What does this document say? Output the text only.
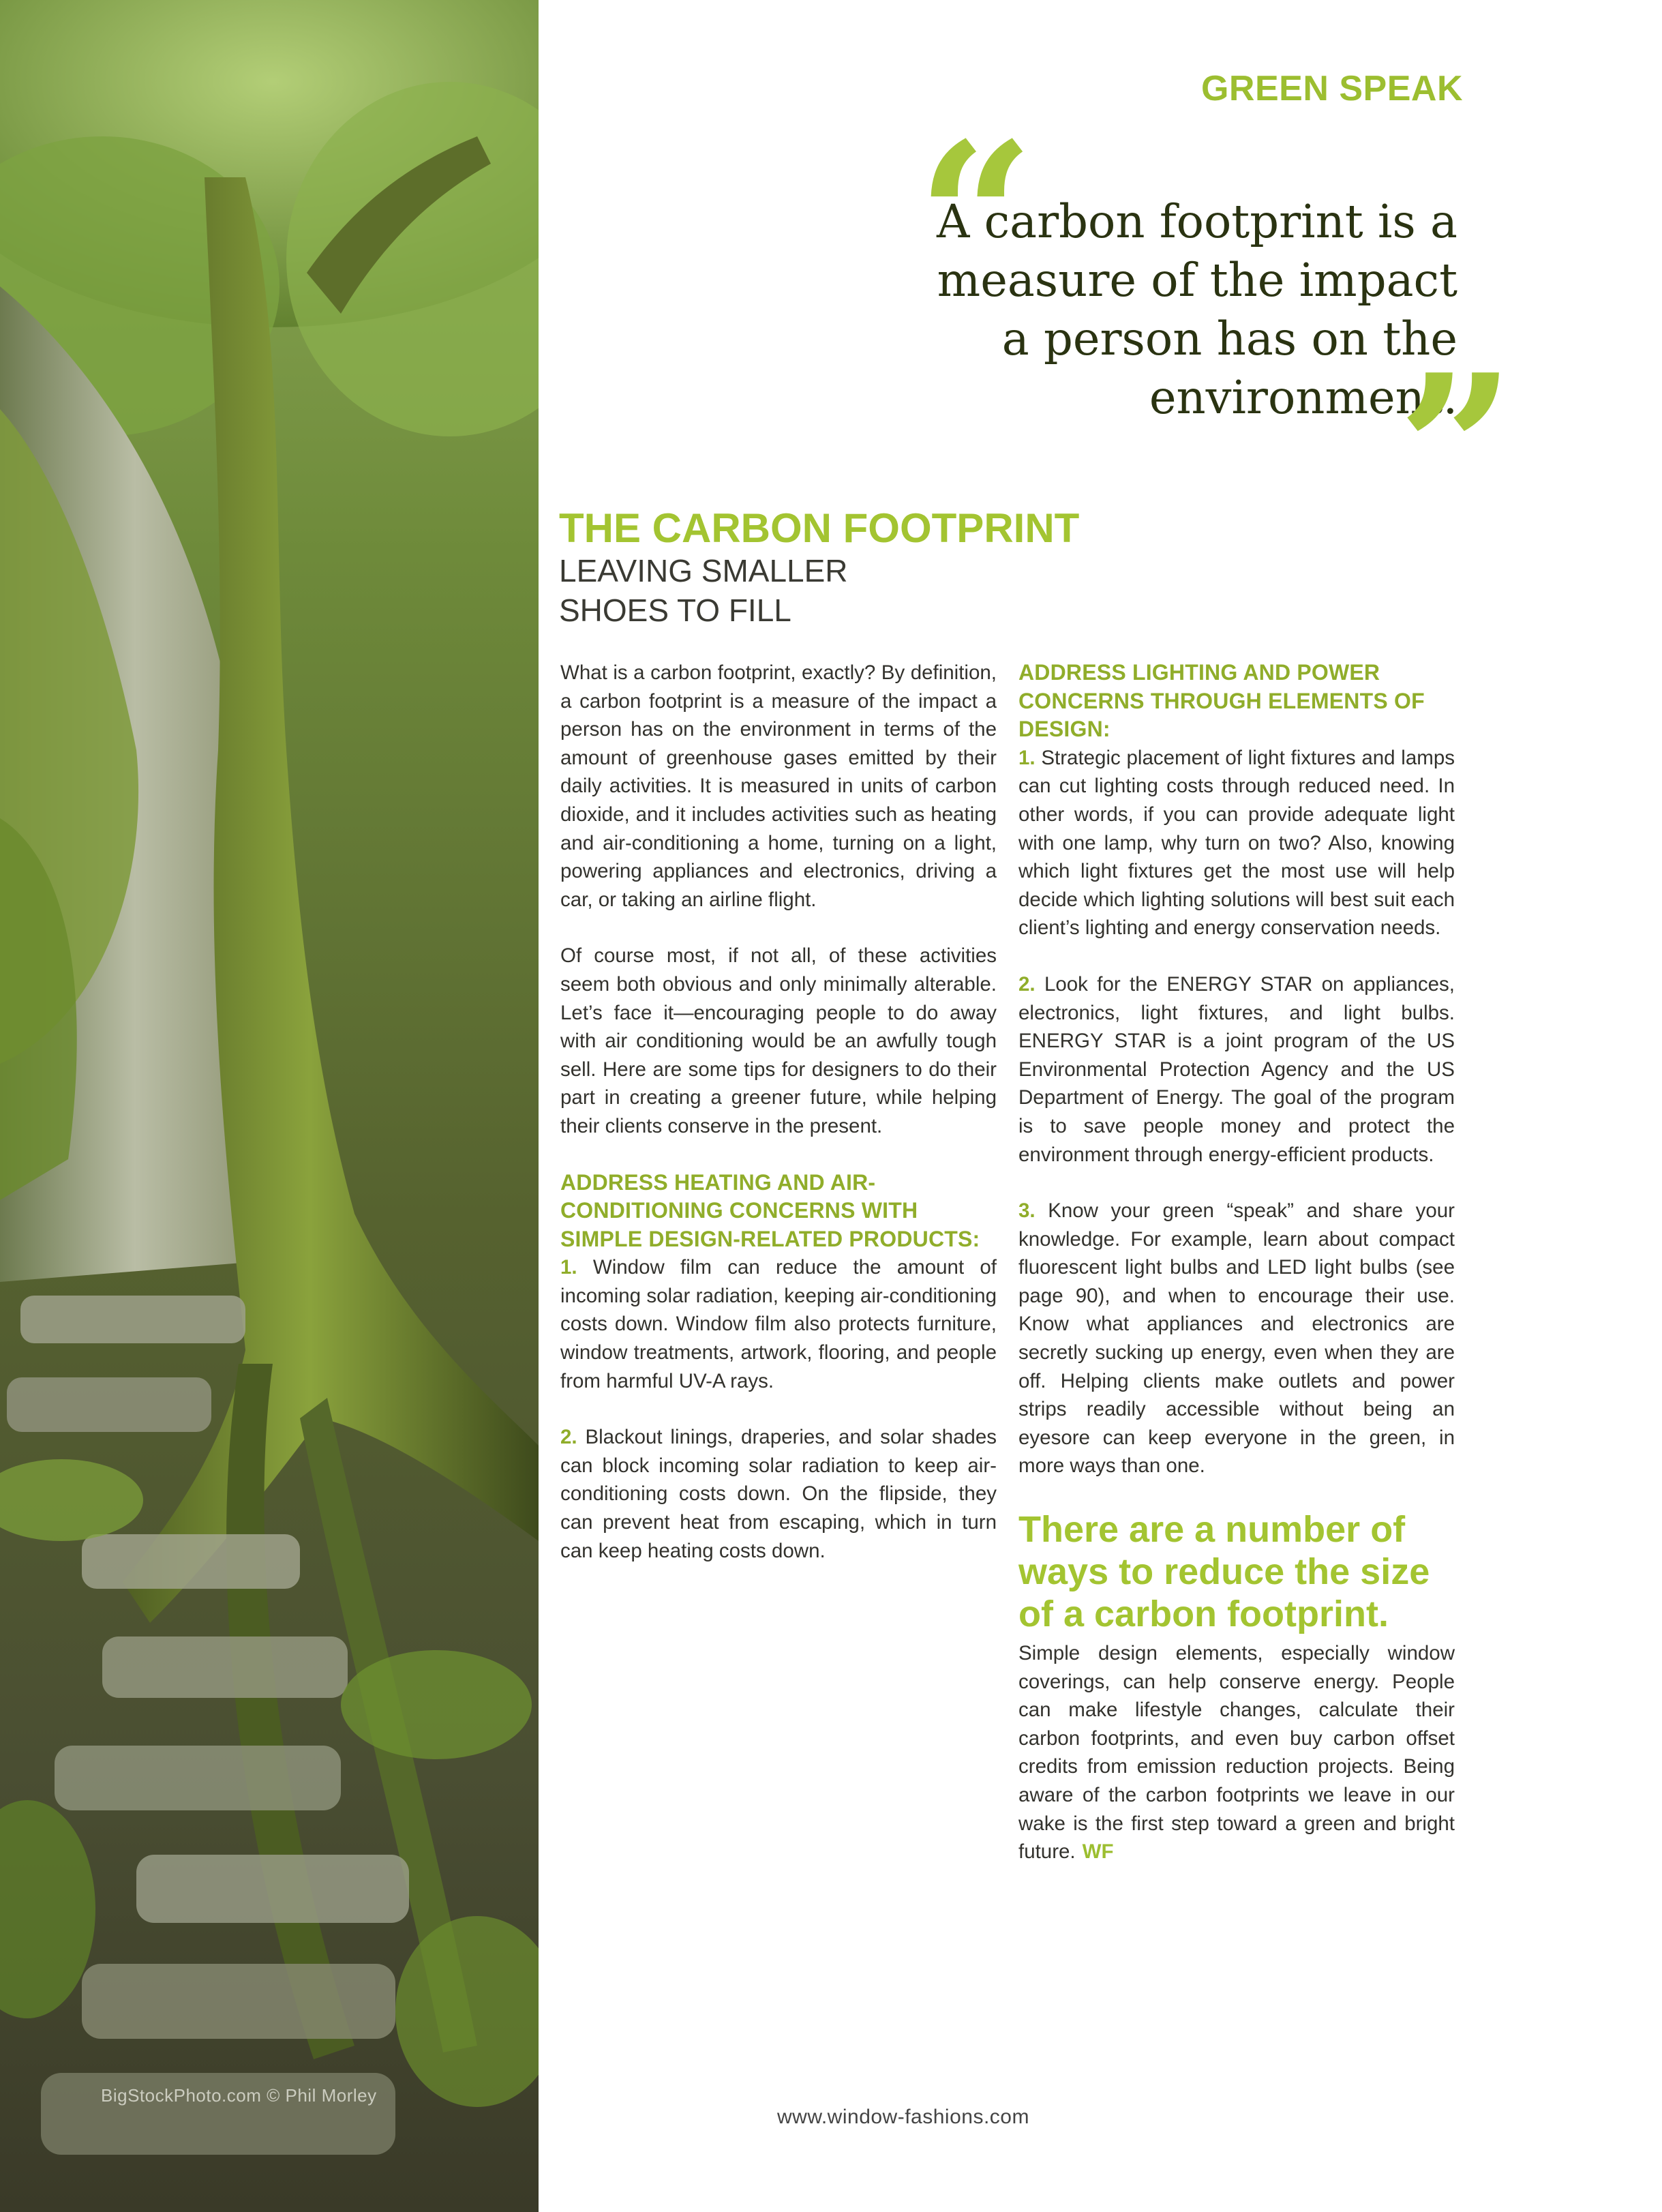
BigStockPhoto.com © Phil Morley
GREEN SPEAK
“
A carbon footprint is a
measure of the impact
a person has on the
environment.
”
THE CARBON FOOTPRINT
LEAVING SMALLER
SHOES TO FILL

What is a carbon footprint, exactly? By definition, a carbon footprint is a measure of the impact a person has on the environment in terms of the amount of greenhouse gases emitted by their daily activities. It is measured in units of carbon dioxide, and it includes activities such as heating and air-conditioning a home, turning on a light, powering appliances and electronics, driving a car, or taking an airline flight.

Of course most, if not all, of these activities seem both obvious and only minimally alterable. Let’s face it—encouraging people to do away with air conditioning would be an awfully tough sell. Here are some tips for designers to do their part in creating a greener future, while helping their clients conserve in the present.

ADDRESS HEATING AND AIR-CONDITIONING CONCERNS WITH SIMPLE DESIGN-RELATED PRODUCTS:

1. Window film can reduce the amount of incoming solar radiation, keeping air-conditioning costs down. Window film also protects furniture, window treatments, artwork, flooring, and people from harmful UV-A rays.

2. Blackout linings, draperies, and solar shades can block incoming solar radiation to keep air-conditioning costs down. On the flipside, they can prevent heat from escaping, which in turn can keep heating costs down.

ADDRESS LIGHTING AND POWER CONCERNS THROUGH ELEMENTS OF DESIGN:

1. Strategic placement of light fixtures and lamps can cut lighting costs through reduced need. In other words, if you can provide adequate light with one lamp, why turn on two? Also, knowing which light fixtures get the most use will help decide which lighting solutions will best suit each client’s lighting and energy conservation needs.

2. Look for the ENERGY STAR on appliances, electronics, light fixtures, and light bulbs. ENERGY STAR is a joint program of the US Environmental Protection Agency and the US Department of Energy. The goal of the program is to save people money and protect the environment through energy-efficient products.

3. Know your green “speak” and share your knowledge. For example, learn about compact fluorescent light bulbs and LED light bulbs (see page 90), and when to encourage their use. Know what appliances and electronics are secretly sucking up energy, even when they are off. Helping clients make outlets and power strips readily accessible without being an eyesore can keep everyone in the green, in more ways than one.

There are a number of ways to reduce the size of a carbon footprint.

Simple design elements, especially window coverings, can help conserve energy. People can make lifestyle changes, calculate their carbon footprints, and even buy carbon offset credits from emission reduction projects. Being aware of the carbon footprints we leave in our wake is the first step toward a green and bright future. WF

www.window-fashions.com
